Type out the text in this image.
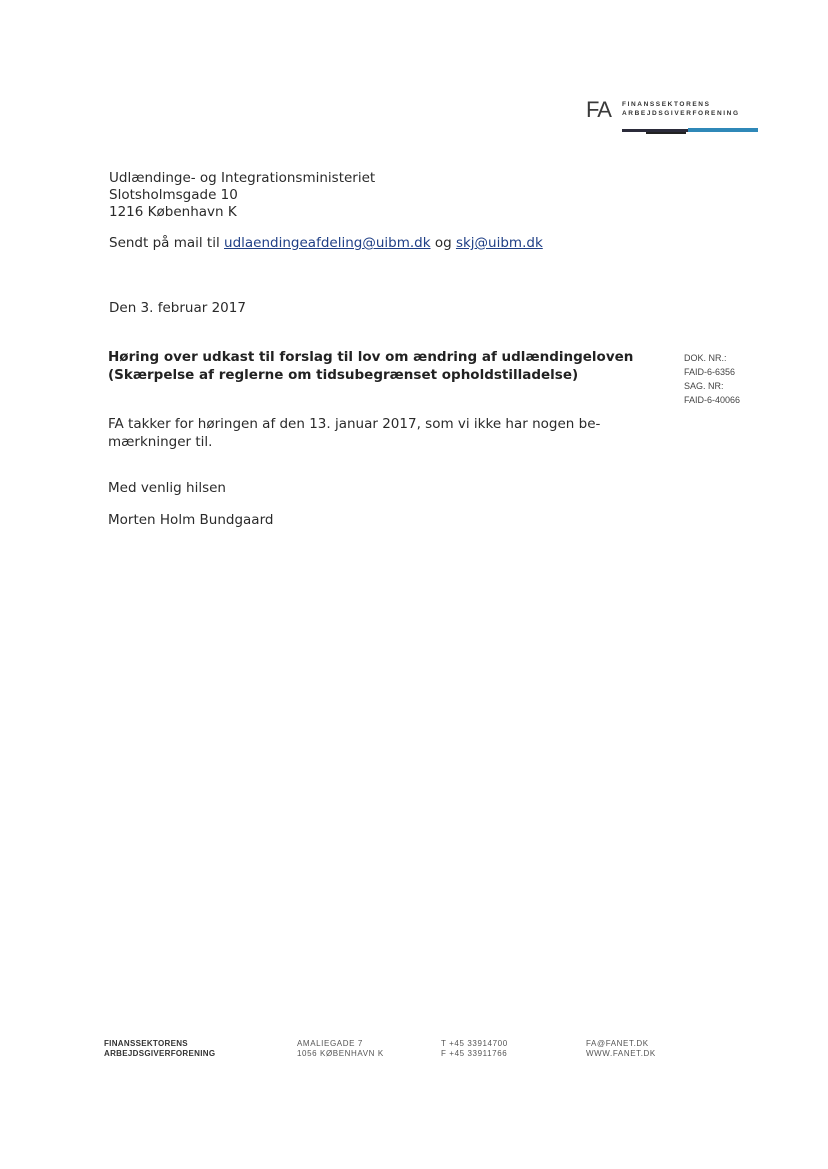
FA FINANSSEKTORENS
ARBEJDSGIVERFORENING
Udlændinge- og Integrationsministeriet
Slotsholmsgade 10
1216 København K
Sendt på mail til udlaendingeafdeling@uibm.dk og skj@uibm.dk
Den 3. februar 2017
Høring over udkast til forslag til lov om ændring af udlændingeloven
(Skærpelse af reglerne om tidsubegrænset opholdstilladelse)
DOK. NR.:
FAID-6-6356
SAG. NR:
FAID-6-40066
FA takker for høringen af den 13. januar 2017, som vi ikke har nogen be-
mærkninger til.
Med venlig hilsen
Morten Holm Bundgaard
FINANSSEKTORENS
ARBEJDSGIVERFORENING
AMALIEGADE 7
1056 KØBENHAVN K
T +45 33914700
F +45 33911766
FA@FANET.DK
WWW.FANET.DK
